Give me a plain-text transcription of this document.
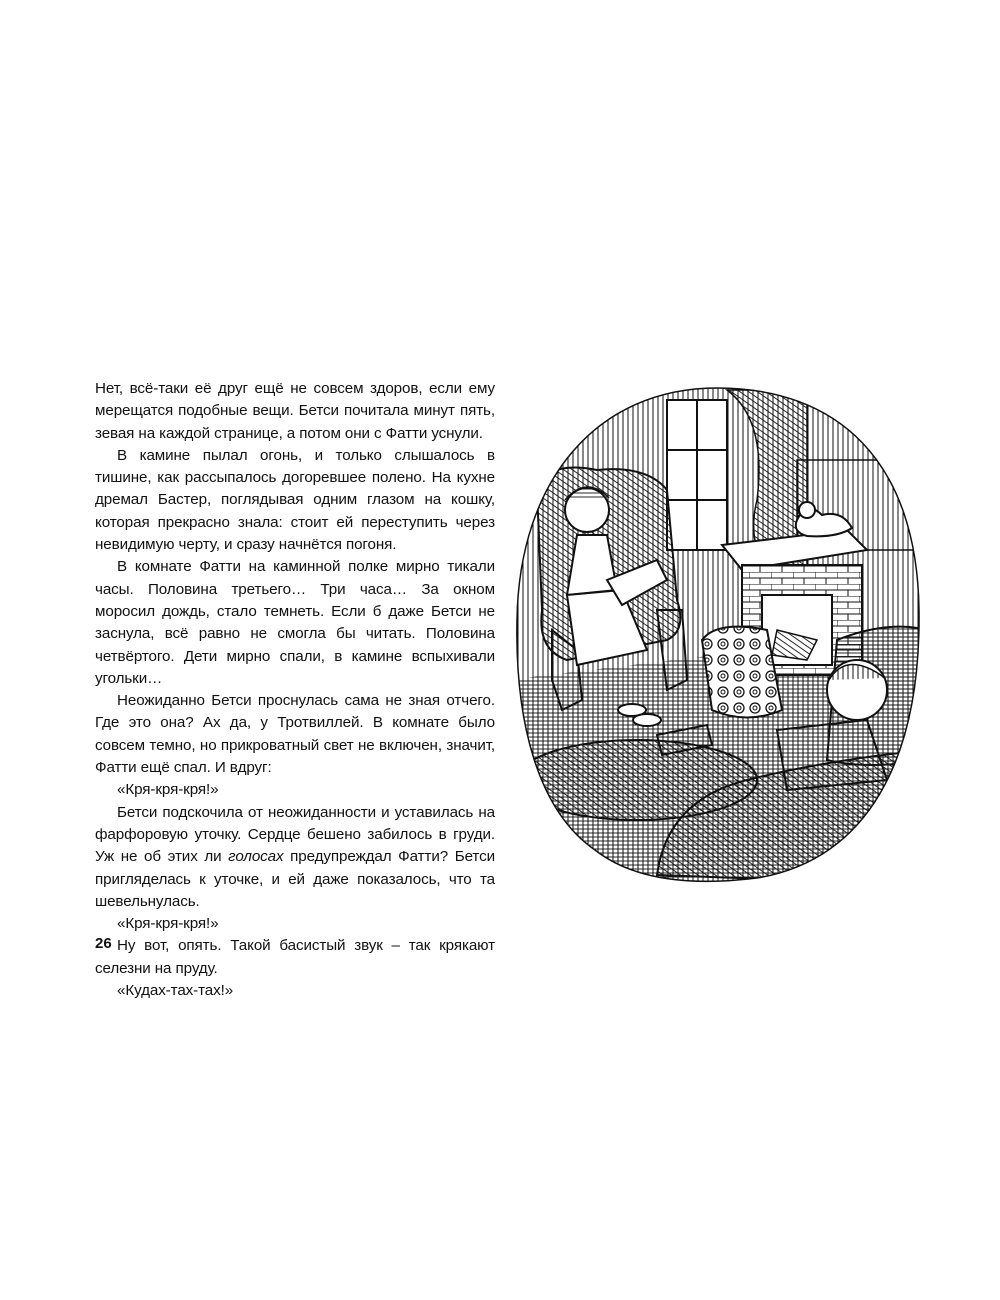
Нет, всё-таки её друг ещё не совсем здоров, если ему мерещатся подобные вещи. Бетси почитала минут пять, зевая на каждой странице, а потом они с Фатти уснули.

В камине пылал огонь, и только слышалось в тишине, как рассыпалось догоревшее полено. На кухне дремал Бастер, поглядывая одним глазом на кошку, которая прекрасно знала: стоит ей переступить через невидимую черту, и сразу начнётся погоня.

В комнате Фатти на каминной полке мирно тикали часы. Половина третьего… Три часа… За окном моросил дождь, стало темнеть. Если б даже Бетси не заснула, всё равно не смогла бы читать. Половина четвёртого. Дети мирно спали, в камине вспыхивали угольки…

Неожиданно Бетси проснулась сама не зная отчего. Где это она? Ах да, у Тротвиллей. В комнате было совсем темно, но прикроватный свет не включен, значит, Фатти ещё спал. И вдруг:

«Кря-кря-кря!»

Бетси подскочила от неожиданности и уставилась на фарфоровую уточку. Сердце бешено забилось в груди. Уж не об этих ли голосах предупреждал Фатти? Бетси пригляделась к уточке, и ей даже показалось, что та шевельнулась.

«Кря-кря-кря!»

Ну вот, опять. Такой басистый звук – так крякают селезни на пруду.

«Кудах-тах-тах!»

26
